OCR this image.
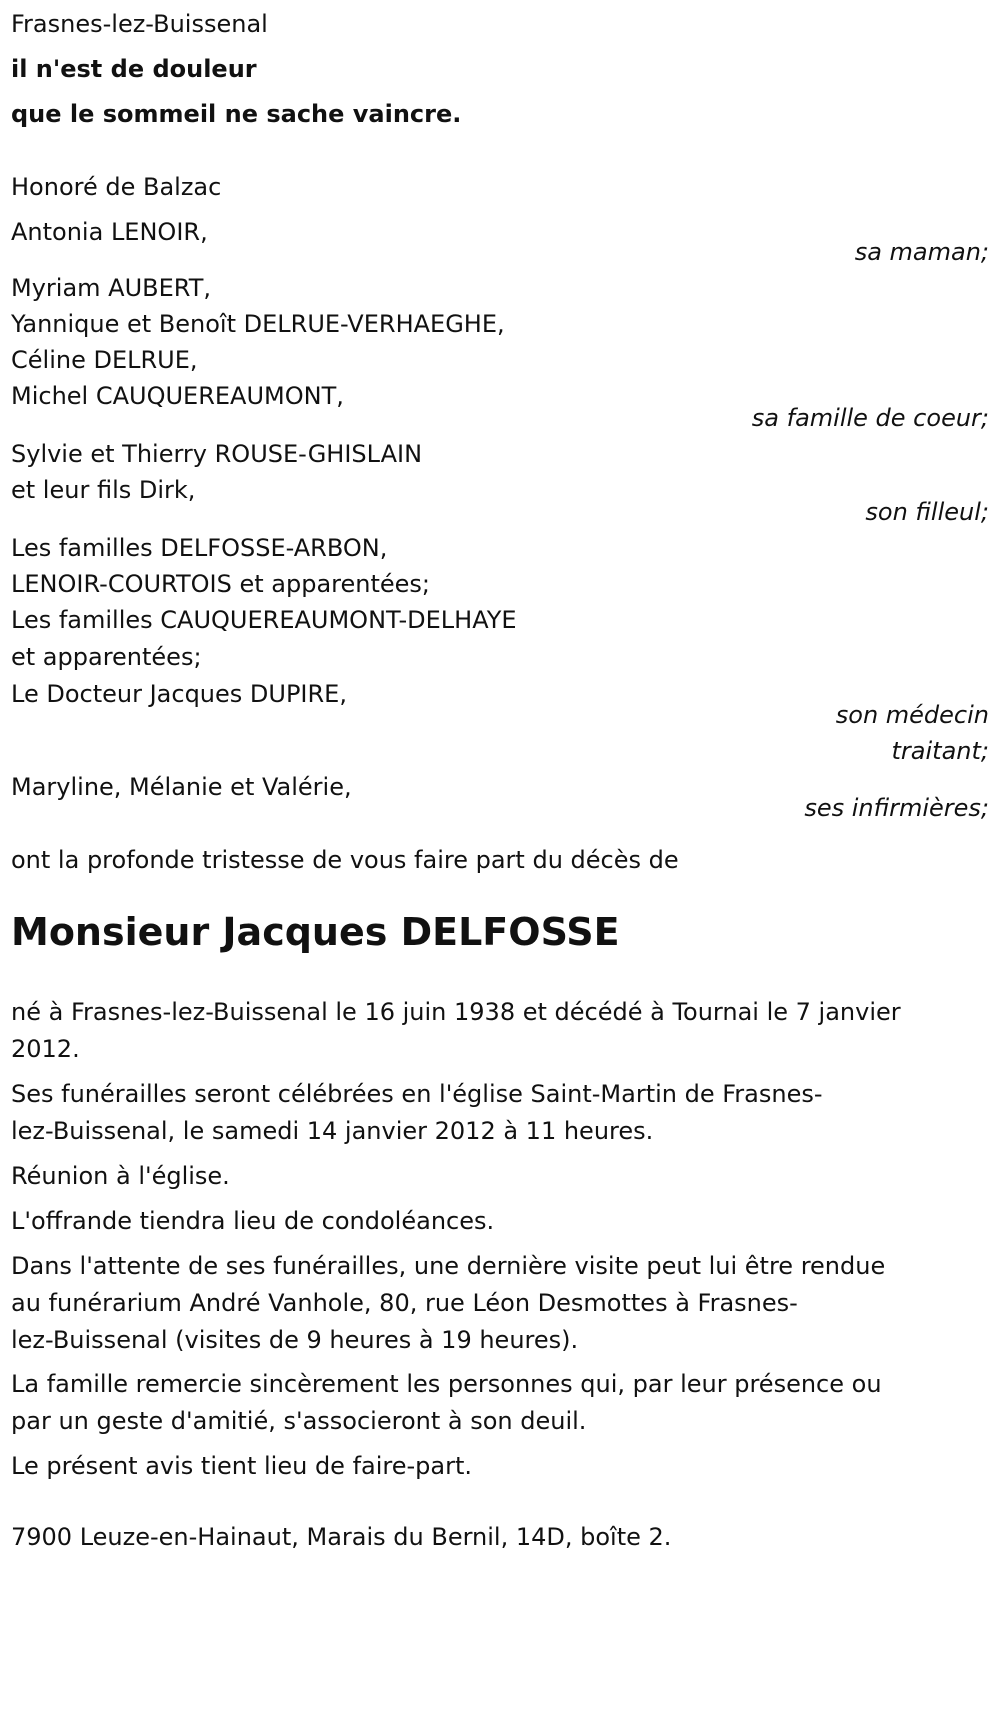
Frasnes-lez-Buissenal
il n'est de douleur
que le sommeil ne sache vaincre.
Honoré de Balzac
Antonia LENOIR,
sa maman;
Myriam AUBERT,
Yannique et Benoît DELRUE-VERHAEGHE,
Céline DELRUE,
Michel CAUQUEREAUMONT,
sa famille de coeur;
Sylvie et Thierry ROUSE-GHISLAIN
et leur fils Dirk,
son filleul;
Les familles DELFOSSE-ARBON,
LENOIR-COURTOIS et apparentées;
Les familles CAUQUEREAUMONT-DELHAYE
et apparentées;
Le Docteur Jacques DUPIRE,
son médecin
traitant;
Maryline, Mélanie et Valérie,
ses infirmières;
ont la profonde tristesse de vous faire part du décès de
Monsieur Jacques DELFOSSE
né à Frasnes-lez-Buissenal le 16 juin 1938 et décédé à Tournai le 7 janvier
2012.
Ses funérailles seront célébrées en l'église Saint-Martin de Frasnes-
lez-Buissenal, le samedi 14 janvier 2012 à 11 heures.
Réunion à l'église.
L'offrande tiendra lieu de condoléances.
Dans l'attente de ses funérailles, une dernière visite peut lui être rendue
au funérarium André Vanhole, 80, rue Léon Desmottes à Frasnes-
lez-Buissenal (visites de 9 heures à 19 heures).
La famille remercie sincèrement les personnes qui, par leur présence ou
par un geste d'amitié, s'associeront à son deuil.
Le présent avis tient lieu de faire-part.
7900 Leuze-en-Hainaut, Marais du Bernil, 14D, boîte 2.
